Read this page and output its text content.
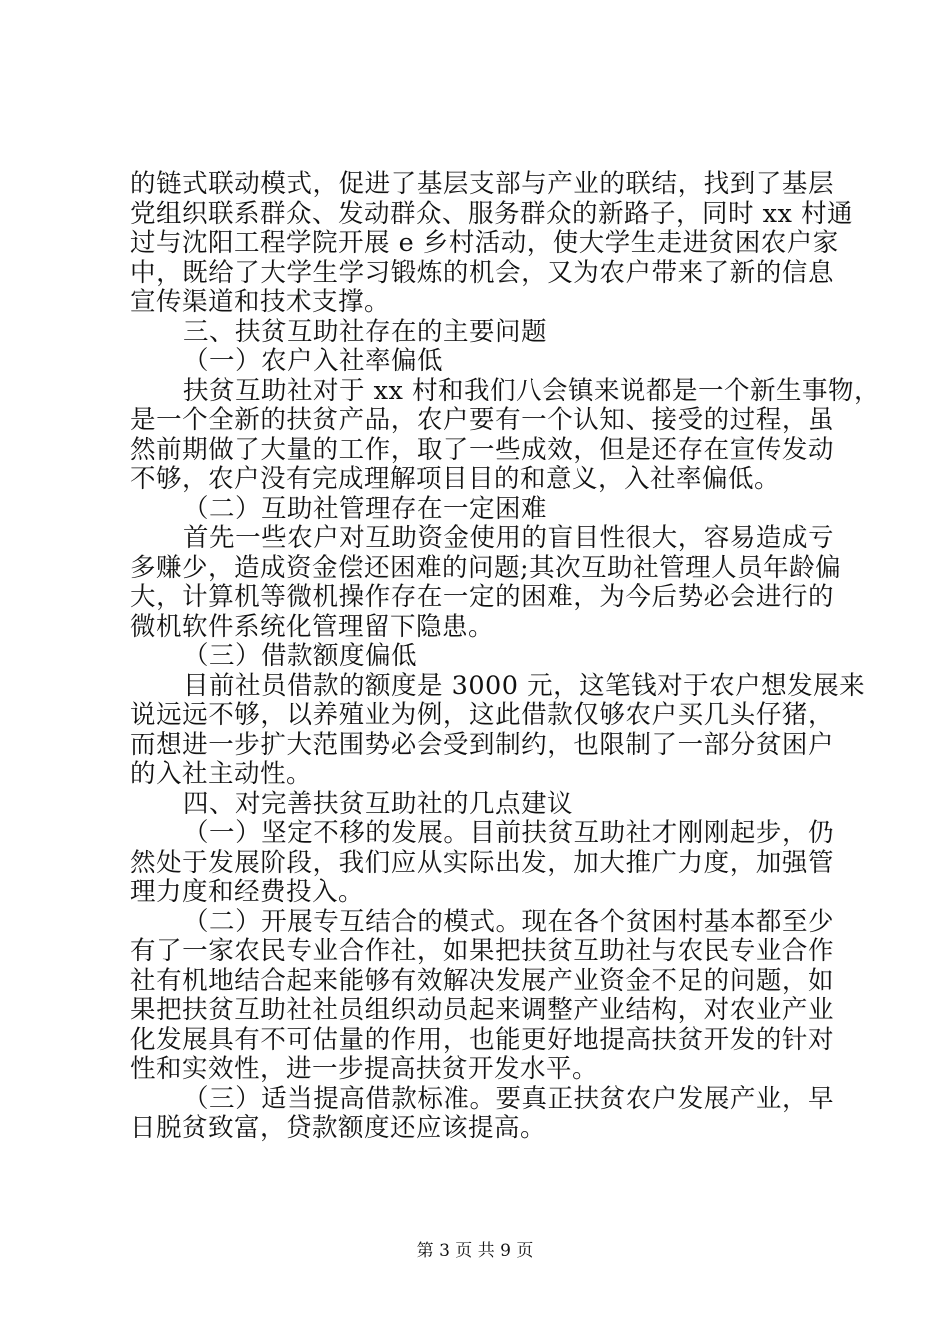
的链式联动模式，促进了基层支部与产业的联结，找到了基层
党组织联系群众、发动群众、服务群众的新路子，同时 xx 村通
过与沈阳工程学院开展 e 乡村活动，使大学生走进贫困农户家
中，既给了大学生学习锻炼的机会，又为农户带来了新的信息
宣传渠道和技术支撑。
三、扶贫互助社存在的主要问题
（一）农户入社率偏低
扶贫互助社对于 xx 村和我们八会镇来说都是一个新生事物，
是一个全新的扶贫产品，农户要有一个认知、接受的过程，虽
然前期做了大量的工作，取了一些成效，但是还存在宣传发动
不够，农户没有完成理解项目目的和意义，入社率偏低。
（二）互助社管理存在一定困难
首先一些农户对互助资金使用的盲目性很大，容易造成亏
多赚少，造成资金偿还困难的问题;其次互助社管理人员年龄偏
大，计算机等微机操作存在一定的困难，为今后势必会进行的
微机软件系统化管理留下隐患。
（三）借款额度偏低
目前社员借款的额度是 3000 元，这笔钱对于农户想发展来
说远远不够，以养殖业为例，这此借款仅够农户买几头仔猪，
而想进一步扩大范围势必会受到制约，也限制了一部分贫困户
的入社主动性。
四、对完善扶贫互助社的几点建议
（一）坚定不移的发展。目前扶贫互助社才刚刚起步，仍
然处于发展阶段，我们应从实际出发，加大推广力度，加强管
理力度和经费投入。
（二）开展专互结合的模式。现在各个贫困村基本都至少
有了一家农民专业合作社，如果把扶贫互助社与农民专业合作
社有机地结合起来能够有效解决发展产业资金不足的问题，如
果把扶贫互助社社员组织动员起来调整产业结构，对农业产业
化发展具有不可估量的作用，也能更好地提高扶贫开发的针对
性和实效性，进一步提高扶贫开发水平。
（三）适当提高借款标准。要真正扶贫农户发展产业，早
日脱贫致富，贷款额度还应该提高。
第 3 页 共 9 页
